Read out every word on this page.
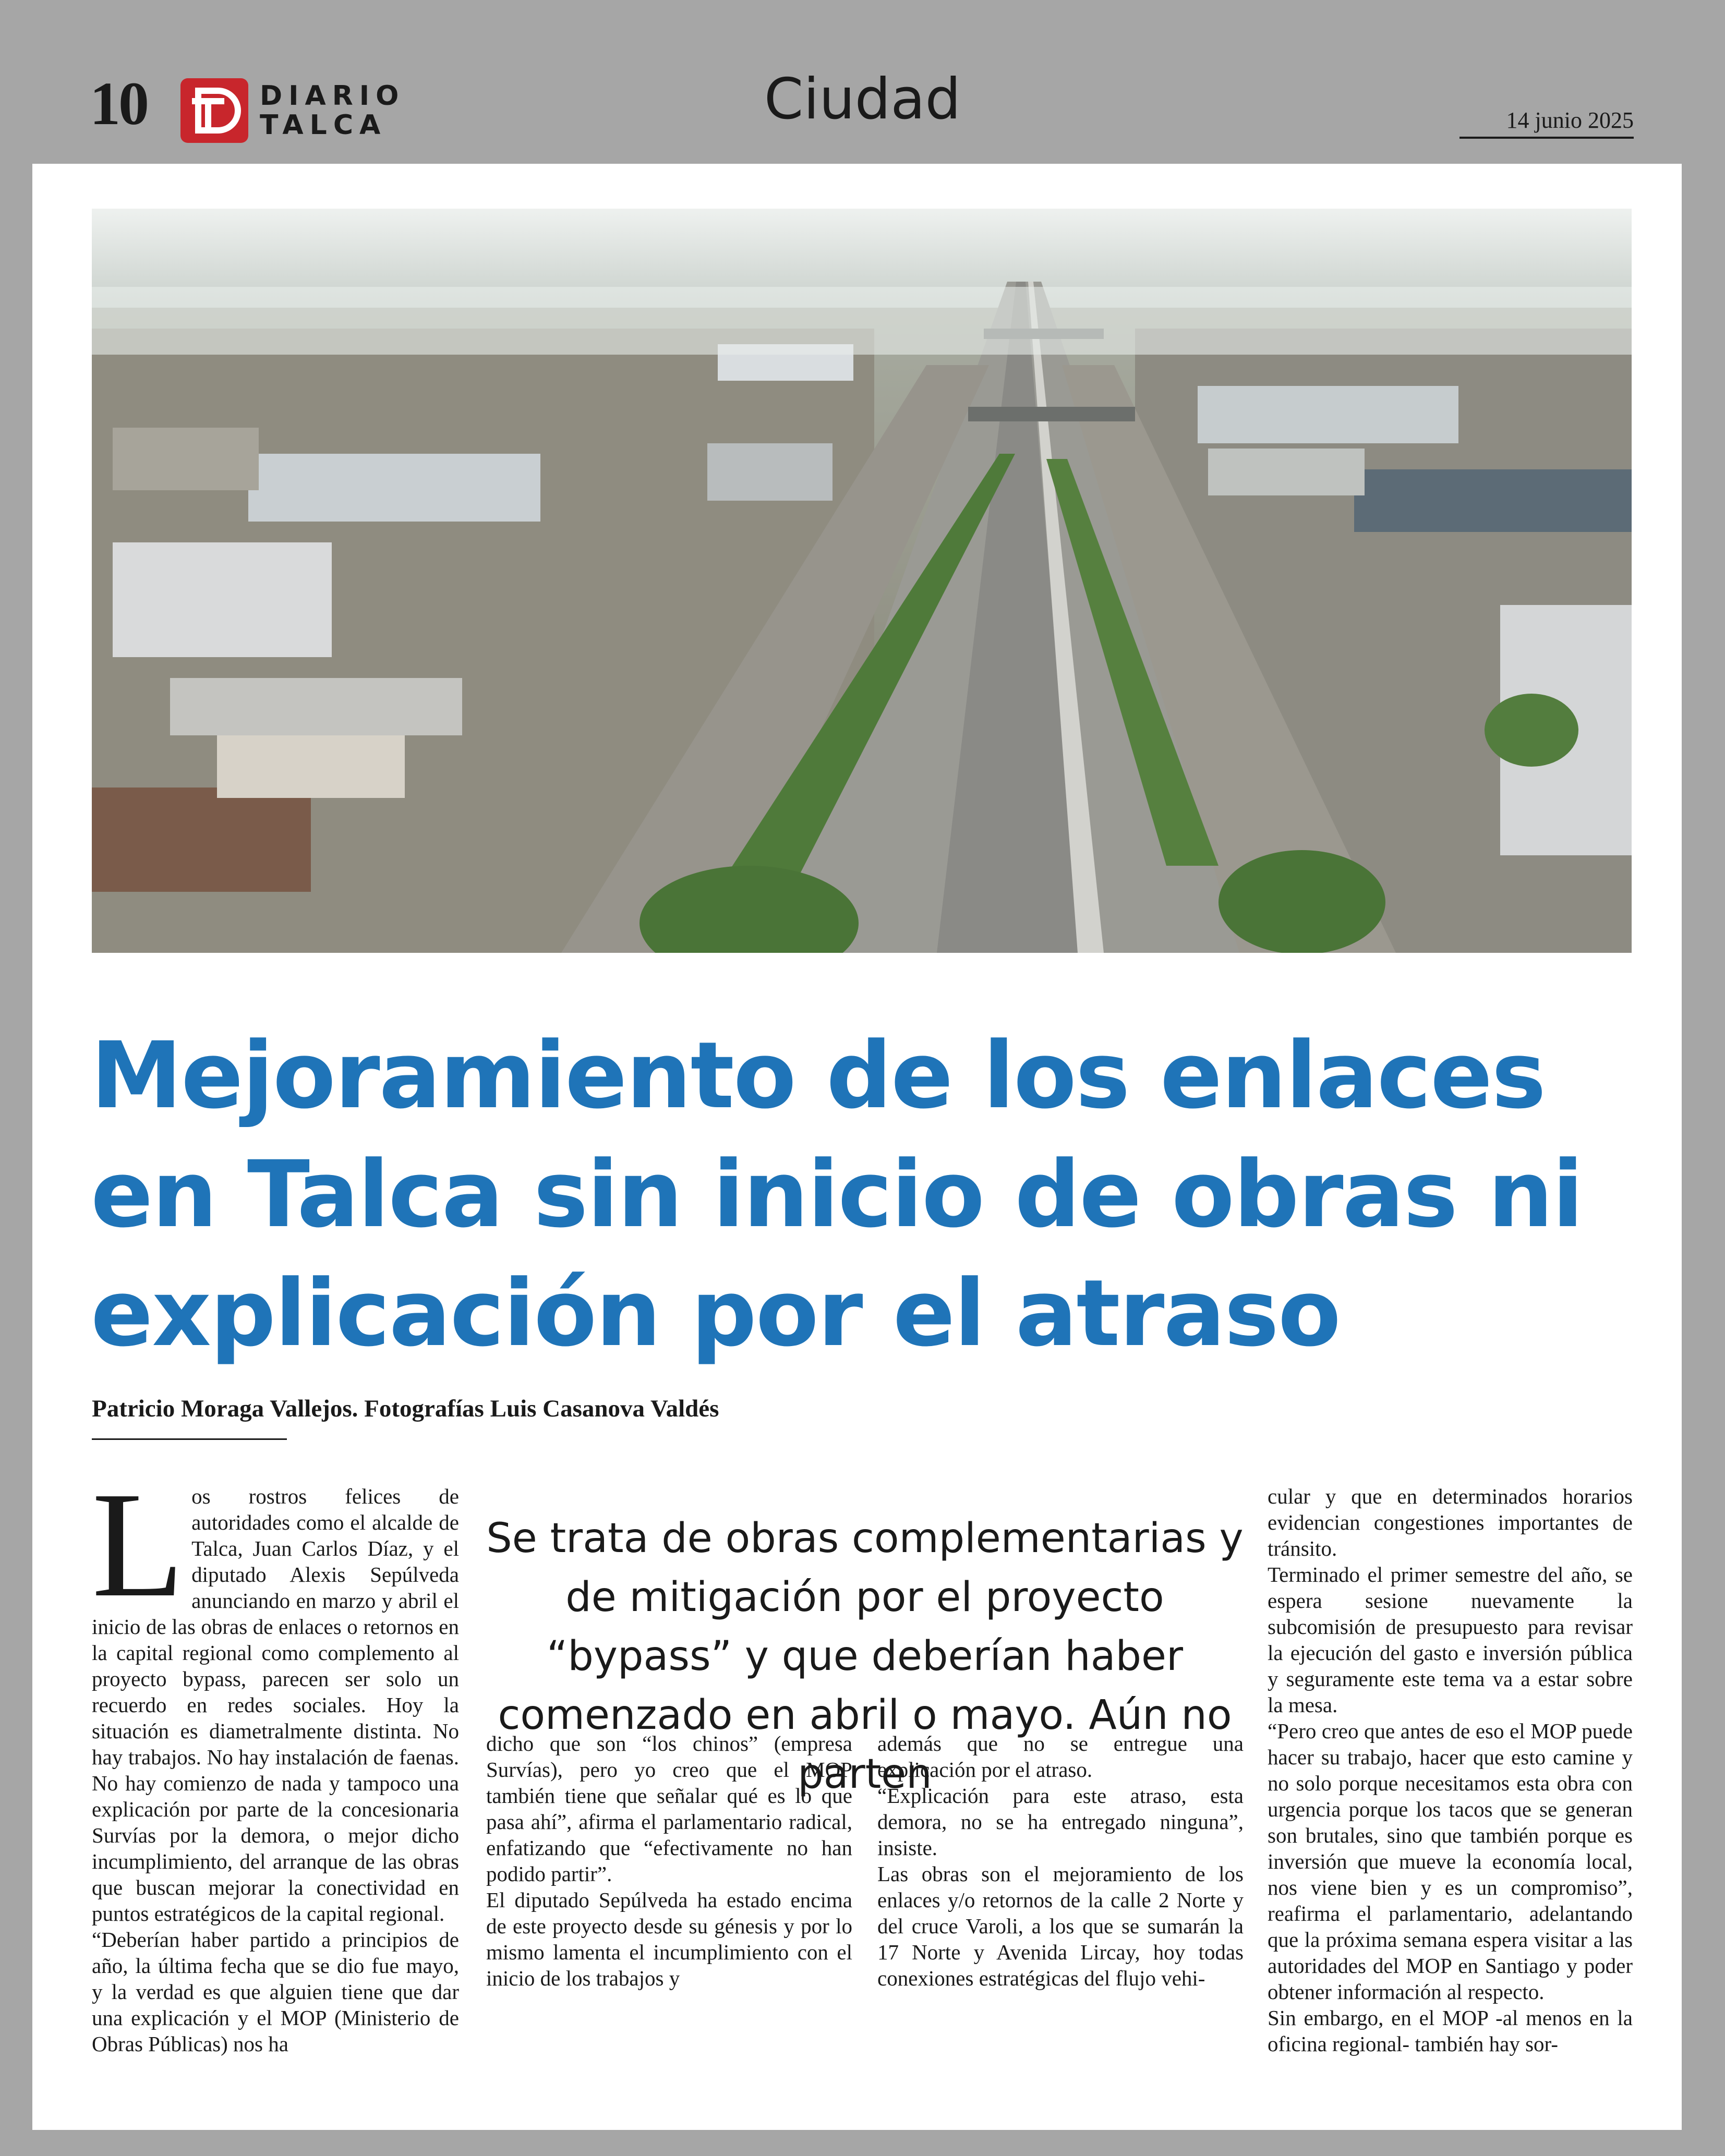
10	DIARIO
TALCA	Ciudad	14 junio 2025
Mejoramiento de los enlaces en Talca sin inicio de obras ni explicación por el atraso
Patricio Moraga Vallejos. Fotografías Luis Casanova Valdés

Los rostros felices de autoridades como el alcalde de Talca, Juan Carlos Díaz, y el diputado Alexis Sepúlveda anunciando en marzo y abril el inicio de las obras de enlaces o retornos en la capital regional como complemento al proyecto bypass, parecen ser solo un recuerdo en redes sociales. Hoy la situación es diametralmente distinta. No hay trabajos. No hay instalación de faenas. No hay comienzo de nada y tampoco una explicación por parte de la concesionaria Survías por la demora, o mejor dicho incumplimiento, del arranque de las obras que buscan mejorar la conectividad en puntos estratégicos de la capital regional.

“Deberían haber partido a principios de año, la última fecha que se dio fue mayo, y la verdad es que alguien tiene que dar una explicación y el MOP (Ministerio de Obras Públicas) nos ha

Se trata de obras complementarias y de mitigación por el proyecto “bypass” y que deberían haber comenzado en abril o mayo. Aún no parten

dicho que son “los chinos” (empresa Survías), pero yo creo que el MOP también tiene que señalar qué es lo que pasa ahí”, afirma el parlamentario radical, enfatizando que “efectivamente no han podido partir”.

El diputado Sepúlveda ha estado encima de este proyecto desde su génesis y por lo mismo lamenta el incumplimiento con el inicio de los trabajos y

además que no se entregue una explicación por el atraso.

“Explicación para este atraso, esta demora, no se ha entregado ninguna”, insiste.

Las obras son el mejoramiento de los enlaces y/o retornos de la calle 2 Norte y del cruce Varoli, a los que se sumarán la 17 Norte y Avenida Lircay, hoy todas conexiones estratégicas del flujo vehi-

cular y que en determinados horarios evidencian congestiones importantes de tránsito.

Terminado el primer semestre del año, se espera sesione nuevamente la subcomisión de presupuesto para revisar la ejecución del gasto e inversión pública y seguramente este tema va a estar sobre la mesa.

“Pero creo que antes de eso el MOP puede hacer su trabajo, hacer que esto camine y no solo porque necesitamos esta obra con urgencia porque los tacos que se generan son brutales, sino que también porque es inversión que mueve la economía local, nos viene bien y es un compromiso”, reafirma el parlamentario, adelantando que la próxima semana espera visitar a las autoridades del MOP en Santiago y poder obtener información al respecto.

Sin embargo, en el MOP -al menos en la oficina regional- también hay sor-
